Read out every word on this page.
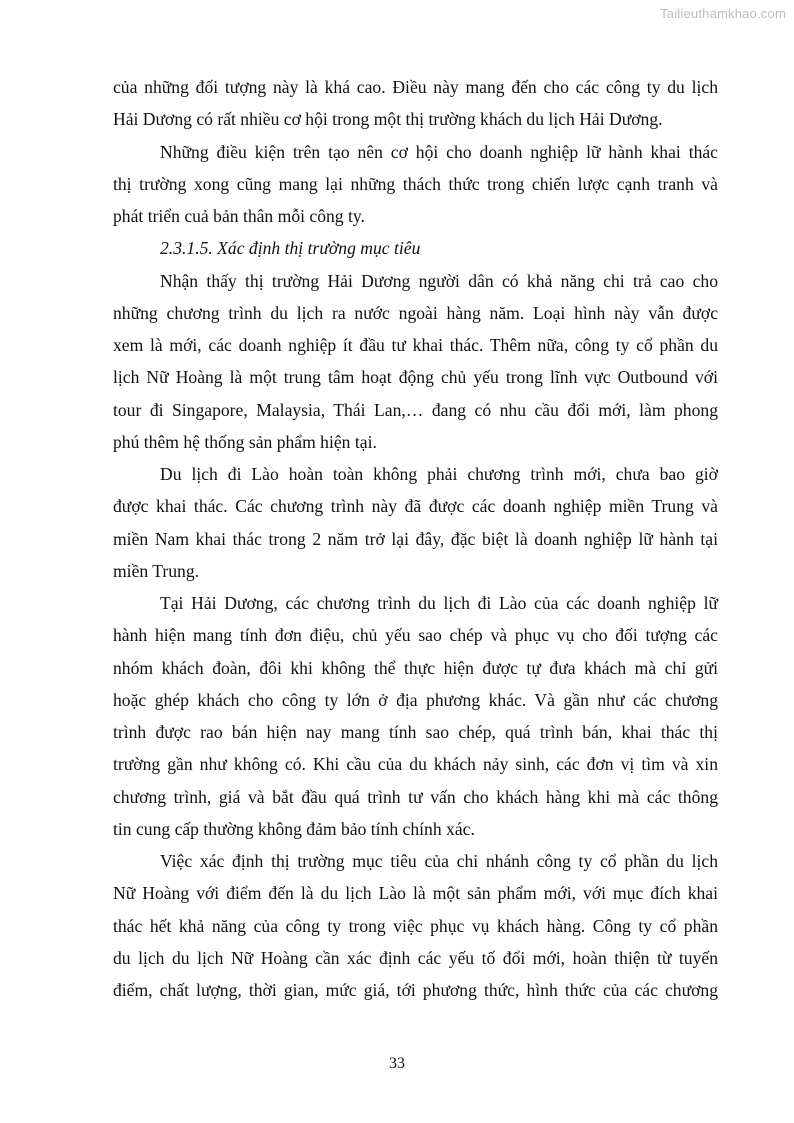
Tailieuthamkhao.com
của những đối tượng này là khá cao. Điều này mang đến cho các công ty du lịch
Hải Dương có rất nhiều cơ hội trong một thị trường khách du lịch Hải Dương.
Những điều kiện trên tạo nên cơ hội cho doanh nghiệp lữ hành khai thác
thị trường xong cũng mang lại những thách thức trong chiến lược cạnh tranh và
phát triển cuả bản thân mỗi công ty.
2.3.1.5. Xác định thị trường mục tiêu
Nhận thấy thị trường Hải Dương người dân có khả năng chi trả cao cho
những chương trình du lịch ra nước ngoài hàng năm. Loại hình này vẫn được
xem là mới, các doanh nghiệp ít đầu tư khai thác. Thêm nữa, công ty cổ phần du
lịch Nữ Hoàng là một trung tâm hoạt động chủ yếu trong lĩnh vực Outbound với
tour đi Singapore, Malaysia, Thái Lan,… đang có nhu cầu đổi mới, làm phong
phú thêm hệ thống sản phẩm hiện tại.
Du lịch đi Lào hoàn toàn không phải chương trình mới, chưa bao giờ
được khai thác. Các chương trình này đã được các doanh nghiệp miền Trung và
miền Nam khai thác trong 2 năm trở lại đây, đặc biệt là doanh nghiệp lữ hành tại
miền Trung.
Tại Hải Dương, các chương trình du lịch đi Lào của các doanh nghiệp lữ
hành hiện mang tính đơn điệu, chủ yếu sao chép và phục vụ cho đối tượng các
nhóm khách đoàn, đôi khi không thể thực hiện được tự đưa khách mà chỉ gửi
hoặc ghép khách cho công ty lớn ở địa phương khác. Và gần như các chương
trình được rao bán hiện nay mang tính sao chép, quá trình bán, khai thác thị
trường gần như không có. Khi cầu của du khách nảy sinh, các đơn vị tìm và xin
chương trình, giá và bắt đầu quá trình tư vấn cho khách hàng khi mà các thông
tin cung cấp thường không đảm bảo tính chính xác.
Việc xác định thị trường mục tiêu của chi nhánh công ty cổ phần du lịch
Nữ Hoàng với điểm đến là du lịch Lào là một sản phẩm mới, với mục đích khai
thác hết khả năng của công ty trong việc phục vụ khách hàng. Công ty cổ phần
du lịch du lịch Nữ Hoàng cần xác định các yếu tố đổi mới, hoàn thiện từ tuyến
điểm, chất lượng, thời gian, mức giá, tới phương thức, hình thức của các chương
33
